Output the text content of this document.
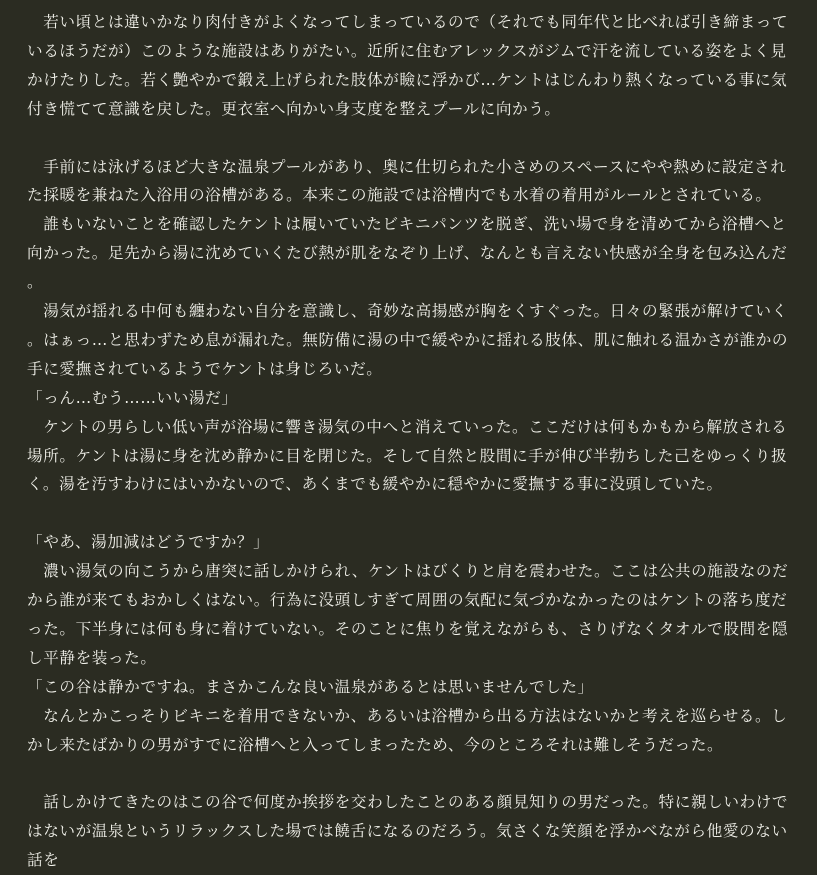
　若い頃とは違いかなり肉付きがよくなってしまっているので（それでも同年代と比べれば引き締まっているほうだが）このような施設はありがたい。近所に住むアレックスがジムで汗を流している姿をよく見かけたりした。若く艶やかで鍛え上げられた肢体が瞼に浮かび…ケントはじんわり熱くなっている事に気付き慌てて意識を戻した。更衣室へ向かい身支度を整えプールに向かう。

　手前には泳げるほど大きな温泉プールがあり、奥に仕切られた小さめのスペースにやや熱めに設定された採暖を兼ねた入浴用の浴槽がある。本来この施設では浴槽内でも水着の着用がルールとされている。

　誰もいないことを確認したケントは履いていたビキニパンツを脱ぎ、洗い場で身を清めてから浴槽へと向かった。足先から湯に沈めていくたび熱が肌をなぞり上げ、なんとも言えない快感が全身を包み込んだ。

　湯気が揺れる中何も纏わない自分を意識し、奇妙な高揚感が胸をくすぐった。日々の緊張が解けていく。はぁっ…と思わずため息が漏れた。無防備に湯の中で緩やかに揺れる肢体、肌に触れる温かさが誰かの手に愛撫されているようでケントは身じろいだ。

「っん…むう……いい湯だ」

　ケントの男らしい低い声が浴場に響き湯気の中へと消えていった。ここだけは何もかもから解放される場所。ケントは湯に身を沈め静かに目を閉じた。そして自然と股間に手が伸び半勃ちした己をゆっくり扱く。湯を汚すわけにはいかないので、あくまでも緩やかに穏やかに愛撫する事に没頭していた。

「やあ、湯加減はどうですか？」

　濃い湯気の向こうから唐突に話しかけられ、ケントはびくりと肩を震わせた。ここは公共の施設なのだから誰が来てもおかしくはない。行為に没頭しすぎて周囲の気配に気づかなかったのはケントの落ち度だった。下半身には何も身に着けていない。そのことに焦りを覚えながらも、さりげなくタオルで股間を隠し平静を装った。

「この谷は静かですね。まさかこんな良い温泉があるとは思いませんでした」

　なんとかこっそりビキニを着用できないか、あるいは浴槽から出る方法はないかと考えを巡らせる。しかし来たばかりの男がすでに浴槽へと入ってしまったため、今のところそれは難しそうだった。

　話しかけてきたのはこの谷で何度か挨拶を交わしたことのある顔見知りの男だった。特に親しいわけではないが温泉というリラックスした場では饒舌になるのだろう。気さくな笑顔を浮かべながら他愛のない話を
